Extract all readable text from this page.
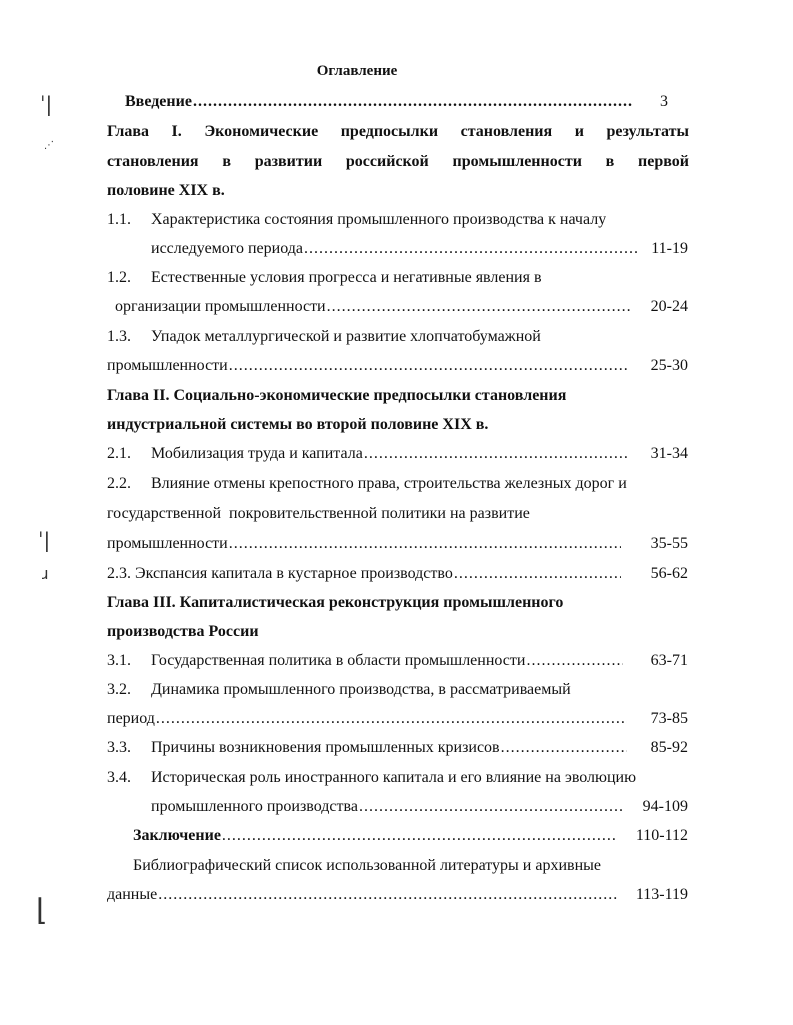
ˈ|
⋰
ˈ|
ɹ
⌊
Оглавление
Введение .....	3
Глава I. Экономические предпосылки становления и результаты
становления в развитии российской промышленности в первой
половине XIX в.
1.1. Характеристика состояния промышленного производства к началу
исследуемого периода .....	11-19
1.2. Естественные условия прогресса и негативные явления в
организации промышленности .....	20-24
1.3. Упадок металлургической и развитие хлопчатобумажной
промышленности .....	25-30
Глава II. Социально-экономические предпосылки становления
индустриальной системы во второй половине XIX в.
2.1. Мобилизация труда и капитала .....	31-34
2.2. Влияние отмены крепостного права, строительства железных дорог и
государственной  покровительственной политики на развитие
промышленности .....	35-55
2.3. Экспансия капитала в кустарное производство .....	56-62
Глава III. Капиталистическая реконструкция промышленного
производства России
3.1. Государственная политика в области промышленности .....	63-71
3.2. Динамика промышленного производства, в рассматриваемый
период .....	73-85
3.3. Причины возникновения промышленных кризисов .....	85-92
3.4. Историческая роль иностранного капитала и его влияние на эволюцию
промышленного производства .....	94-109
Заключение .....	110-112
Библиографический список использованной литературы и архивные
данные .....	113-119
